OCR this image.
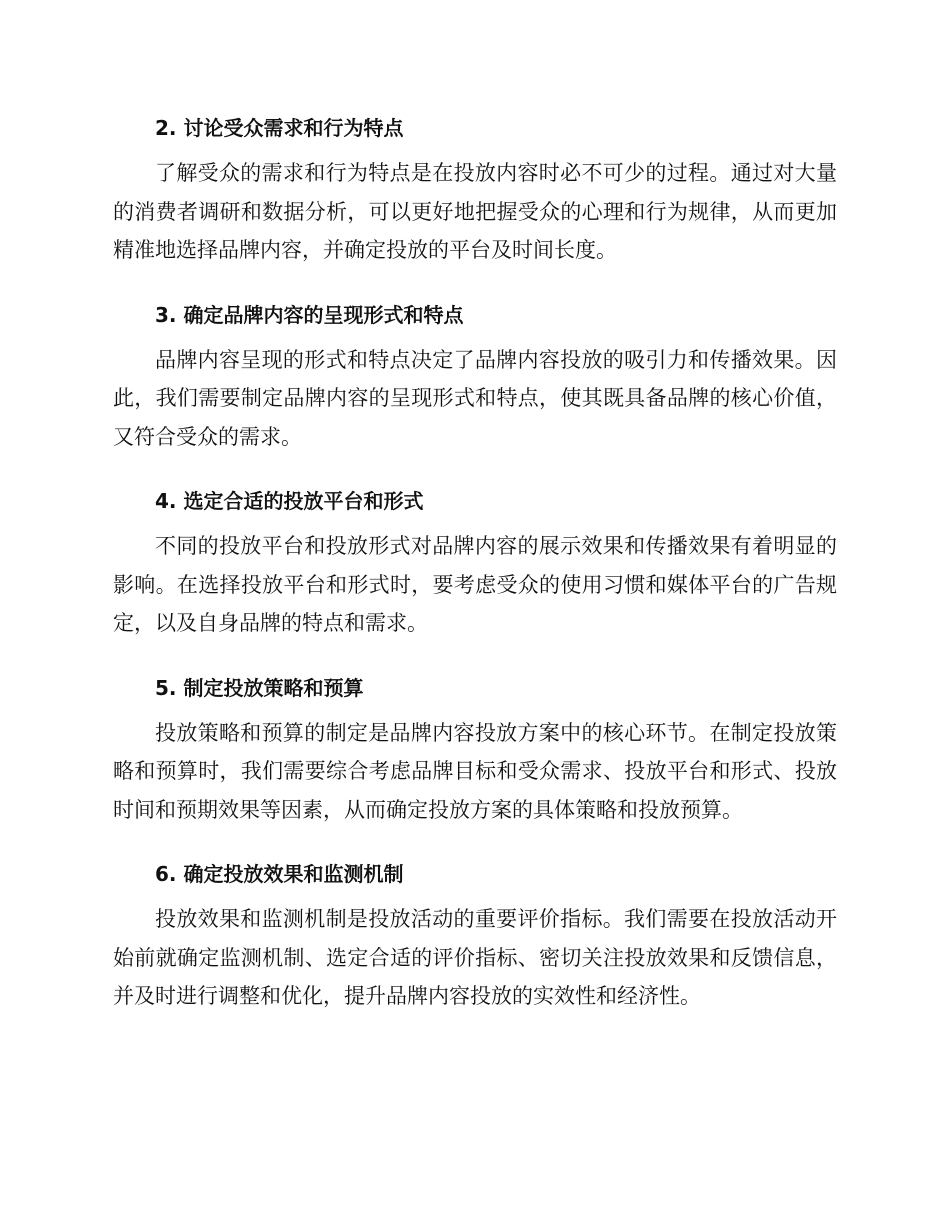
2. 讨论受众需求和行为特点

了解受众的需求和行为特点是在投放内容时必不可少的过程。通过对大量的消费者调研和数据分析，可以更好地把握受众的心理和行为规律，从而更加精准地选择品牌内容，并确定投放的平台及时间长度。

3. 确定品牌内容的呈现形式和特点

品牌内容呈现的形式和特点决定了品牌内容投放的吸引力和传播效果。因此，我们需要制定品牌内容的呈现形式和特点，使其既具备品牌的核心价值，又符合受众的需求。

4. 选定合适的投放平台和形式

不同的投放平台和投放形式对品牌内容的展示效果和传播效果有着明显的影响。在选择投放平台和形式时，要考虑受众的使用习惯和媒体平台的广告规定，以及自身品牌的特点和需求。

5. 制定投放策略和预算

投放策略和预算的制定是品牌内容投放方案中的核心环节。在制定投放策略和预算时，我们需要综合考虑品牌目标和受众需求、投放平台和形式、投放时间和预期效果等因素，从而确定投放方案的具体策略和投放预算。

6. 确定投放效果和监测机制

投放效果和监测机制是投放活动的重要评价指标。我们需要在投放活动开始前就确定监测机制、选定合适的评价指标、密切关注投放效果和反馈信息，并及时进行调整和优化，提升品牌内容投放的实效性和经济性。
